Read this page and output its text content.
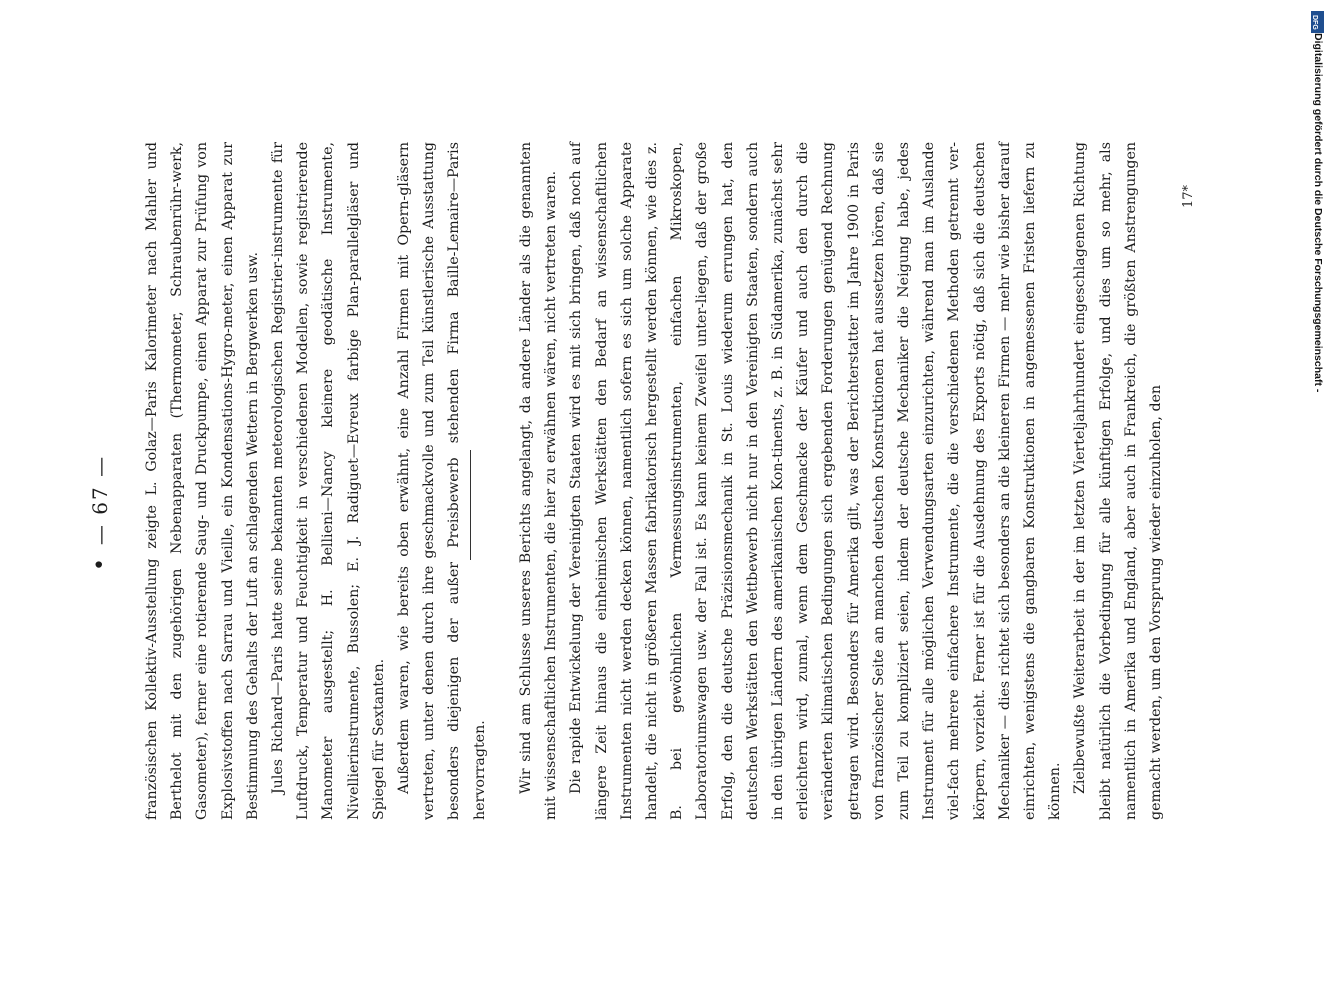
•
— 67 — französischen Kollektiv-Ausstellung zeigte L. Golaz—Paris Kalorimeter nach Mahler und Berthelot mit den zugehörigen Nebenapparaten (Thermometer, Schraubenrühr-werk, Gasometer), ferner eine rotierende Saug- und Druckpumpe, einen Apparat zur Prüfung von Explosivstoffen nach Sarrau und Vieille, ein Kondensations-Hygro-meter, einen Apparat zur Bestimmung des Gehalts der Luft an schlagenden Wettern in Bergwerken usw. Jules Richard—Paris hatte seine bekannten meteorologischen Registrier-instrumente für Luftdruck, Temperatur und Feuchtigkeit in verschiedenen Modellen, sowie registrierende Manometer ausgestellt; H. Bellieni—Nancy kleinere geodätische Instrumente, Nivellierinstrumente, Bussolen; E. J. Radiguet—Evreux farbige Plan-parallelgläser und Spiegel für Sextanten. Außerdem waren, wie bereits oben erwähnt, eine Anzahl Firmen mit Opern-gläsern vertreten, unter denen durch ihre geschmackvolle und zum Teil künstlerische Ausstattung besonders diejenigen der außer Preisbewerb stehenden Firma Baille-Lemaire—Paris hervorragten.	Wir sind am Schlusse unseres Berichts angelangt, da andere Länder als die genannten mit wissenschaftlichen Instrumenten, die hier zu erwähnen wären, nicht vertreten waren. Die rapide Entwickelung der Vereinigten Staaten wird es mit sich bringen, daß noch auf längere Zeit hinaus die einheimischen Werkstätten den Bedarf an wissenschaftlichen Instrumenten nicht werden decken können, namentlich sofern es sich um solche Apparate handelt, die nicht in größeren Massen fabrikatorisch hergestellt werden können, wie dies z. B. bei gewöhnlichen Vermessungsinstrumenten, einfachen Mikroskopen, Laboratoriumswagen usw. der Fall ist. Es kann keinem Zweifel unter-liegen, daß der große Erfolg, den die deutsche Präzisionsmechanik in St. Louis wiederum errungen hat, den deutschen Werkstätten den Wettbewerb nicht nur in den Vereinigten Staaten, sondern auch in den übrigen Ländern des amerikanischen Kon-tinents, z. B. in Südamerika, zunächst sehr erleichtern wird, zumal, wenn dem Geschmacke der Käufer und auch den durch die veränderten klimatischen Bedingungen sich ergebenden Forderungen genügend Rechnung getragen wird. Besonders für Amerika gilt, was der Berichterstatter im Jahre 1900 in Paris von französischer Seite an manchen deutschen Konstruktionen hat aussetzen hören, daß sie zum Teil zu kompliziert seien, indem der deutsche Mechaniker die Neigung habe, jedes Instrument für alle möglichen Verwendungsarten einzurichten, während man im Auslande viel-fach mehrere einfachere Instrumente, die die verschiedenen Methoden getrennt ver-körpern, vorzieht. Ferner ist für die Ausdehnung des Exports nötig, daß sich die deutschen Mechaniker — dies richtet sich besonders an die kleineren Firmen — mehr wie bisher darauf einrichten, wenigstens die gangbaren Konstruktionen in angemessenen Fristen liefern zu können. Zielbewußte Weiterarbeit in der im letzten Vierteljahrhundert eingeschlagenen Richtung bleibt natürlich die Vorbedingung für alle künftigen Erfolge, und dies um so mehr, als namentlich in Amerika und England, aber auch in Frankreich, die größten Anstrengungen gemacht werden, um den Vorsprung wieder einzuholen, den

17*
DFG
Digitalisierung gefördert durch die Deutsche Forschungsgemeinschaft -
